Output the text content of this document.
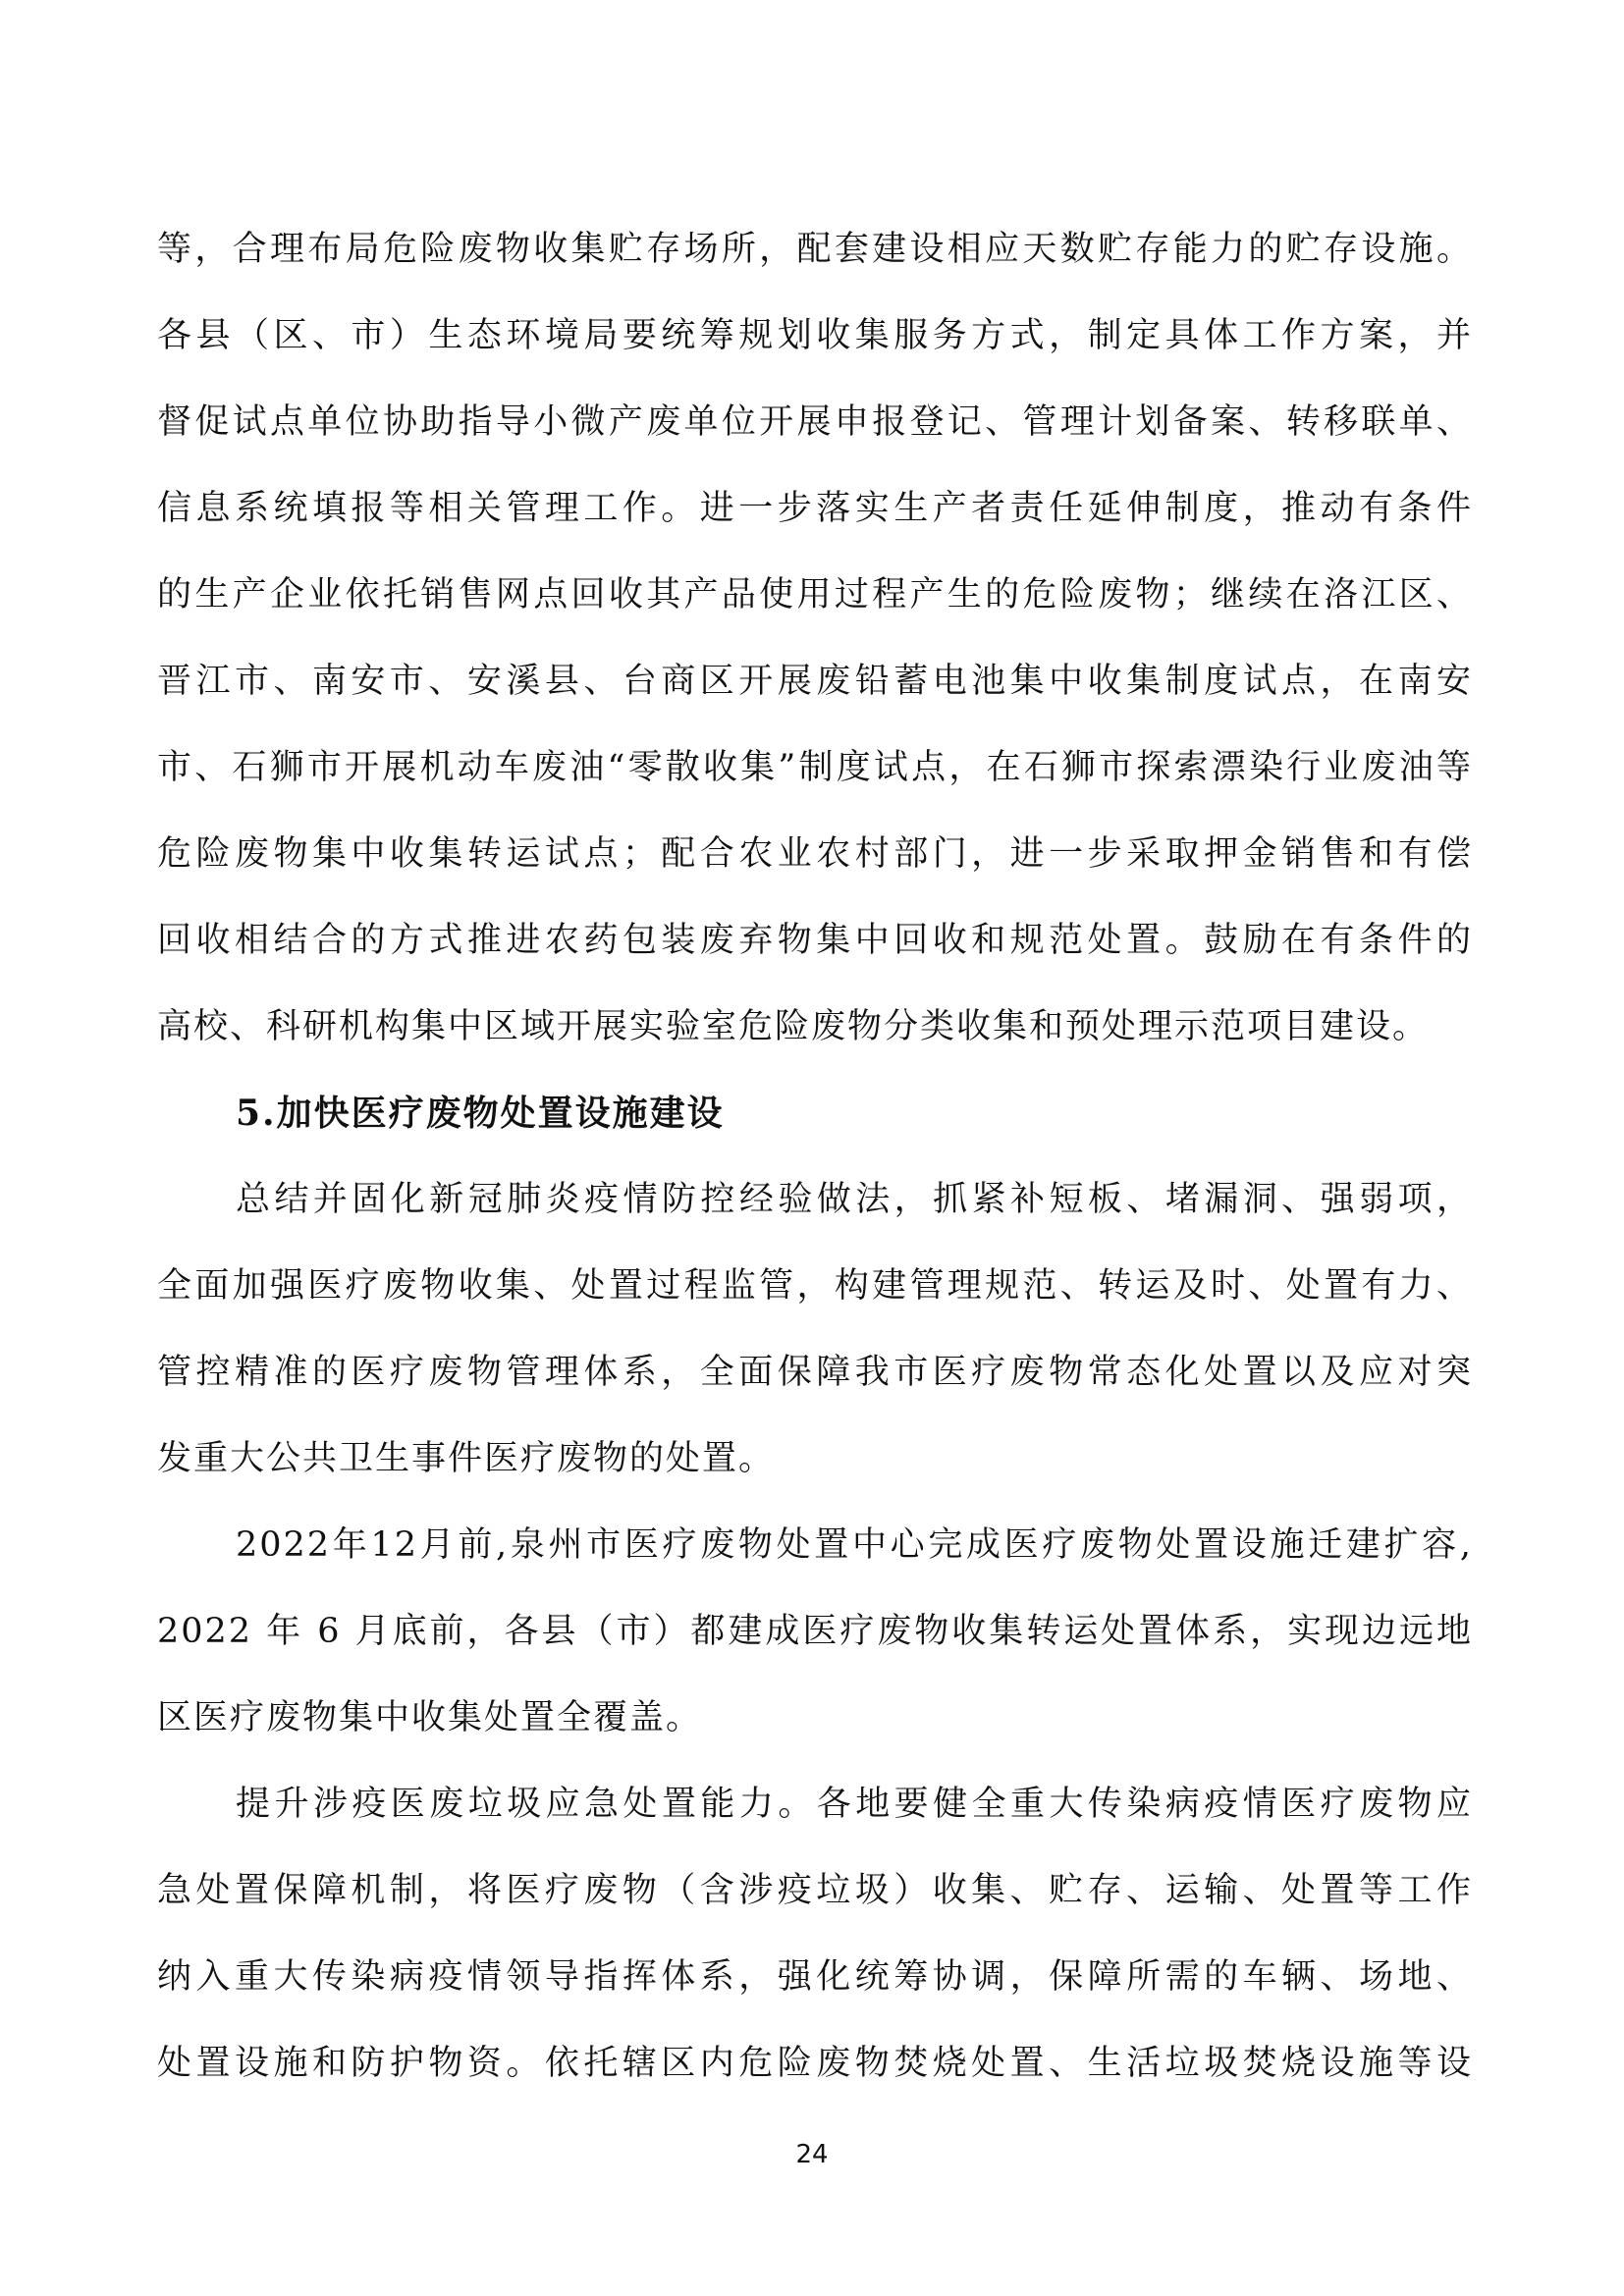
等，合理布局危险废物收集贮存场所，配套建设相应天数贮存能力的贮存设施。
各县（区、市）生态环境局要统筹规划收集服务方式，制定具体工作方案，并
督促试点单位协助指导小微产废单位开展申报登记、管理计划备案、转移联单、
信息系统填报等相关管理工作。进一步落实生产者责任延伸制度，推动有条件
的生产企业依托销售网点回收其产品使用过程产生的危险废物；继续在洛江区、
晋江市、南安市、安溪县、台商区开展废铅蓄电池集中收集制度试点，在南安
市、石狮市开展机动车废油“零散收集”制度试点，在石狮市探索漂染行业废油等
危险废物集中收集转运试点；配合农业农村部门，进一步采取押金销售和有偿
回收相结合的方式推进农药包装废弃物集中回收和规范处置。鼓励在有条件的
高校、科研机构集中区域开展实验室危险废物分类收集和预处理示范项目建设。
5.加快医疗废物处置设施建设
总结并固化新冠肺炎疫情防控经验做法，抓紧补短板、堵漏洞、强弱项，
全面加强医疗废物收集、处置过程监管，构建管理规范、转运及时、处置有力、
管控精准的医疗废物管理体系，全面保障我市医疗废物常态化处置以及应对突
发重大公共卫生事件医疗废物的处置。
2022年12月前,泉州市医疗废物处置中心完成医疗废物处置设施迁建扩容,
2022 年 6 月底前，各县（市）都建成医疗废物收集转运处置体系，实现边远地
区医疗废物集中收集处置全覆盖。
提升涉疫医废垃圾应急处置能力。各地要健全重大传染病疫情医疗废物应
急处置保障机制，将医疗废物（含涉疫垃圾）收集、贮存、运输、处置等工作
纳入重大传染病疫情领导指挥体系，强化统筹协调，保障所需的车辆、场地、
处置设施和防护物资。依托辖区内危险废物焚烧处置、生活垃圾焚烧设施等设
24
